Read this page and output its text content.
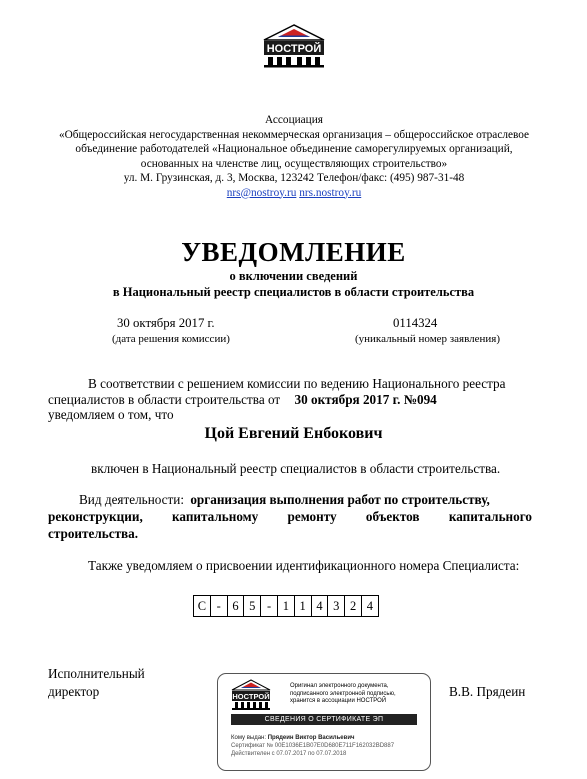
НОСТРОЙ
Ассоциация
«Общероссийская негосударственная некоммерческая организация – общероссийское отраслевое
объединение работодателей «Национальное объединение саморегулируемых организаций,
основанных на членстве лиц, осуществляющих строительство»
ул. М. Грузинская, д. 3, Москва, 123242 Телефон/факс: (495) 987-31-48
nrs@nostroy.ru nrs.nostroy.ru
УВЕДОМЛЕНИЕ
о включении сведений
в Национальный реестр специалистов в области строительства
30 октября 2017 г.
(дата решения комиссии)
0114324
(уникальный номер заявления)
В соответствии с решением комиссии по ведению Национального реестра
специалистов в области строительства от 30 октября 2017 г. №094
уведомляем о том, что
Цой Евгений Енбокович
включен в Национальный реестр специалистов в области строительства.
Вид деятельности: организация выполнения работ по строительству,
реконструкции, капитальному ремонту объектов капитального
строительства.
Также уведомляем о присвоении идентификационного номера Специалиста:
С - 6 5 - 1 1 4 3 2 4
Исполнительный
директор	В.В. Прядеин
НОСТРОЙ
Оригинал электронного документа,
подписанного электронной подписью,
хранится в ассоциации НОСТРОЙ
СВЕДЕНИЯ О СЕРТИФИКАТЕ ЭП
Кому выдан: Прядеин Виктор Васильевич
Сертификат № 00E1036E1B07E0D680E711F162032BD887
Действителен с 07.07.2017 по 07.07.2018
